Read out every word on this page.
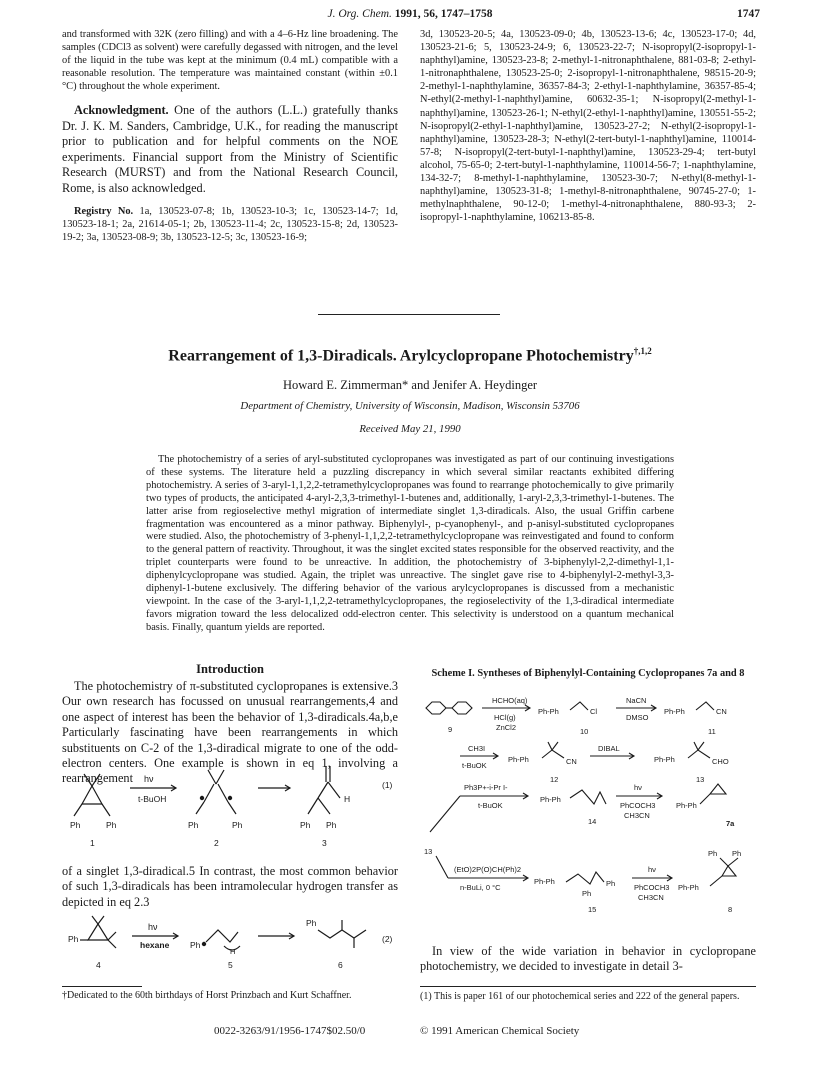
J. Org. Chem. 1991, 56, 1747–1758	1747

and transformed with 32K (zero filling) and with a 4–6-Hz line broadening. The samples (CDCl3 as solvent) were carefully degassed with nitrogen, and the level of the liquid in the tube was kept at the minimum (0.4 mL) compatible with a reasonable resolution. The temperature was maintained constant (within ±0.1 °C) throughout the whole experiment.

Acknowledgment. One of the authors (L.L.) gratefully thanks Dr. J. K. M. Sanders, Cambridge, U.K., for reading the manuscript prior to publication and for helpful comments on the NOE experiments. Financial support from the Ministry of Scientific Research (MURST) and from the National Research Council, Rome, is also acknowledged.

Registry No. 1a, 130523-07-8; 1b, 130523-10-3; 1c, 130523-14-7; 1d, 130523-18-1; 2a, 21614-05-1; 2b, 130523-11-4; 2c, 130523-15-8; 2d, 130523-19-2; 3a, 130523-08-9; 3b, 130523-12-5; 3c, 130523-16-9;

3d, 130523-20-5; 4a, 130523-09-0; 4b, 130523-13-6; 4c, 130523-17-0; 4d, 130523-21-6; 5, 130523-24-9; 6, 130523-22-7; N-isopropyl(2-isopropyl-1-naphthyl)amine, 130523-23-8; 2-methyl-1-nitronaphthalene, 881-03-8; 2-ethyl-1-nitronaphthalene, 130523-25-0; 2-isopropyl-1-nitronaphthalene, 98515-20-9; 2-methyl-1-naphthylamine, 36357-84-3; 2-ethyl-1-naphthylamine, 36357-85-4; N-ethyl(2-methyl-1-naphthyl)amine, 60632-35-1; N-isopropyl(2-methyl-1-naphthyl)amine, 130523-26-1; N-ethyl(2-ethyl-1-naphthyl)amine, 130551-55-2; N-isopropyl(2-ethyl-1-naphthyl)amine, 130523-27-2; N-ethyl(2-isopropyl-1-naphthyl)amine, 130523-28-3; N-ethyl(2-tert-butyl-1-naphthyl)amine, 110014-57-8; N-isopropyl(2-tert-butyl-1-naphthyl)amine, 130523-29-4; tert-butyl alcohol, 75-65-0; 2-tert-butyl-1-naphthylamine, 110014-56-7; 1-naphthylamine, 134-32-7; 8-methyl-1-naphthylamine, 130523-30-7; N-ethyl(8-methyl-1-naphthyl)amine, 130523-31-8; 1-methyl-8-nitronaphthalene, 90745-27-0; 1-methylnaphthalene, 90-12-0; 1-methyl-4-nitronaphthalene, 880-93-3; 2-isopropyl-1-naphthylamine, 106213-85-8.

Rearrangement of 1,3-Diradicals. Arylcyclopropane Photochemistry$^{\dagger,1,2}$
Howard E. Zimmerman* and Jenifer A. Heydinger
Department of Chemistry, University of Wisconsin, Madison, Wisconsin 53706
Received May 21, 1990
The photochemistry of a series of aryl-substituted cyclopropanes was investigated as part of our continuing investigations of these systems. The literature held a puzzling discrepancy in which several similar reactants exhibited differing photochemistry. A series of 3-aryl-1,1,2,2-tetramethylcyclopropanes was found to rearrange photochemically to give primarily two types of products, the anticipated 4-aryl-2,3,3-trimethyl-1-butenes and, additionally, 1-aryl-2,3,3-trimethyl-1-butenes. The latter arise from regioselective methyl migration of intermediate singlet 1,3-diradicals. Also, the usual Griffin carbene fragmentation was encountered as a minor pathway. Biphenylyl-, p-cyanophenyl-, and p-anisyl-substituted cyclopropanes were studied. Also, the photochemistry of 3-phenyl-1,1,2,2-tetramethylcyclopropane was reinvestigated and found to conform to the general pattern of reactivity. Throughout, it was the singlet excited states responsible for the observed reactivity, and the triplet counterparts were found to be unreactive. In addition, the photochemistry of 3-biphenylyl-2,2-dimethyl-1,1-diphenylcyclopropane was studied. Again, the triplet was unreactive. The singlet gave rise to 4-biphenylyl-2-methyl-3,3-diphenyl-1-butene exclusively. The differing behavior of the various arylcyclopropanes is discussed from a mechanistic viewpoint. In the case of the 3-aryl-1,1,2,2-tetramethylcyclopropanes, the regioselectivity of the 1,3-diradical intermediate favors migration toward the less delocalized odd-electron center. This selectivity is understood on a quantum mechanical basis. Finally, quantum yields are reported.
Introduction
The photochemistry of π-substituted cyclopropanes is extensive.3 Our own research has focussed on unusual rearrangements,4 and one aspect of interest has been the behavior of 1,3-diradicals.4a,b,e Particularly fascinating have been rearrangements in which substituents on C-2 of the 1,3-diradical migrate to one of the odd-electron centers. One example is shown in eq 1, involving a rearrangement
Ph	Ph
hν
t-BuOH
Ph	Ph
H
Ph Ph
(1)
1	2	3
of a singlet 1,3-diradical.5 In contrast, the most common behavior of such 1,3-diradicals has been intramolecular hydrogen transfer as depicted in eq 2.3
Ph
hν
hexane Ph
H
Ph
(2)
4	5	6
†Dedicated to the 60th birthdays of Horst Prinzbach and Kurt Schaffner.
Scheme I. Syntheses of Biphenylyl-Containing Cyclopropanes 7a and 8
HCHO(aq)
HCl(g)
ZnCl2
Ph-Ph	Cl
NaCN
DMSO
Ph-Ph	CN
9	10	11
CH3I
t-BuOK
Ph-Ph	CN
DIBAL
Ph-Ph	CHO
12	13
Ph3P+-i-Pr I-
t-BuOK
Ph-Ph
hν
PhCOCH3
CH3CN
Ph-Ph
13
14	7a
(EtO)2P(O)CH(Ph)2
n-BuLi, 0 °C
Ph-Ph
Ph
Ph
hν
PhCOCH3
CH3CN
Ph-Ph
Ph Ph
15	8
In view of the wide variation in behavior in cyclopropane photochemistry, we decided to investigate in detail 3-
(1) This is paper 161 of our photochemical series and 222 of the general papers.
0022-3263/91/1956-1747$02.50/0	© 1991 American Chemical Society
